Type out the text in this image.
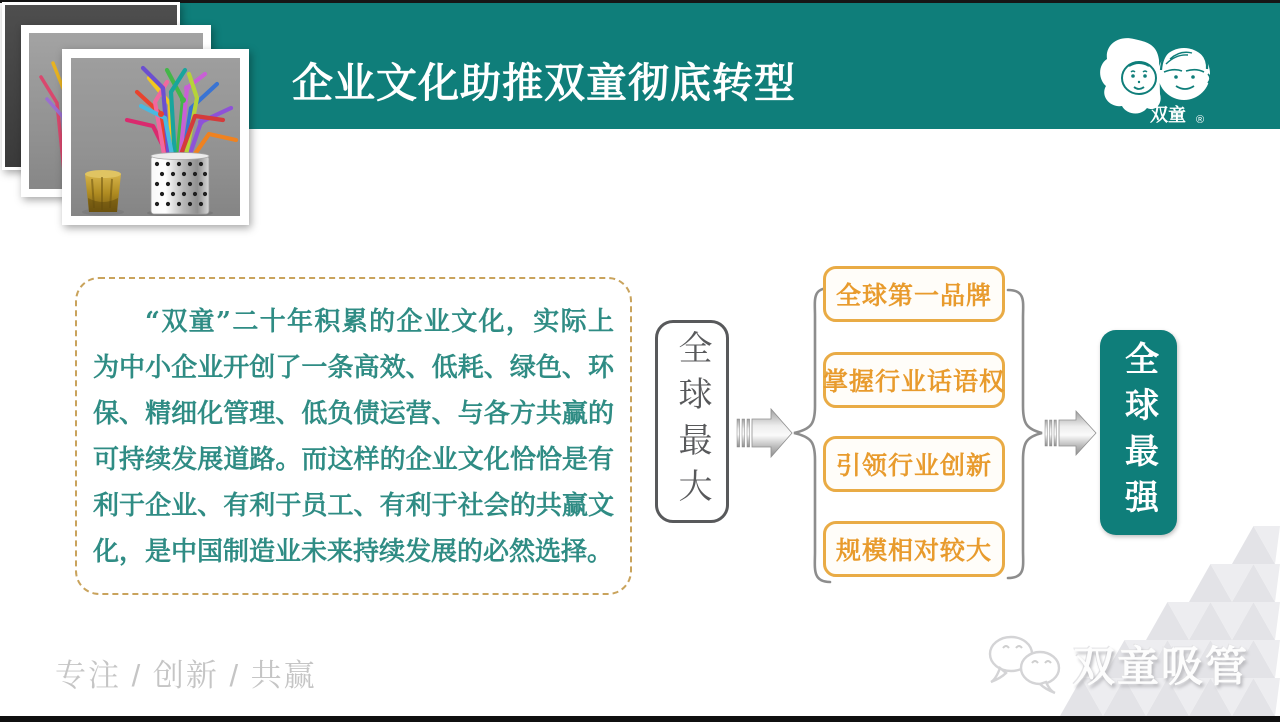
企业文化助推双童彻底转型
双童 ®

“双童”二十年积累的企业文化，实际上为中小企业开创了一条高效、低耗、绿色、环保、精细化管理、低负债运营、与各方共赢的可持续发展道路。而这样的企业文化恰恰是有利于企业、有利于员工、有利于社会的共赢文化，是中国制造业未来持续发展的必然选择。

全球最大
全球第一品牌
掌握行业话语权
引领行业创新
规模相对较大
全球最强
专注 / 创新 / 共赢	双童吸管
